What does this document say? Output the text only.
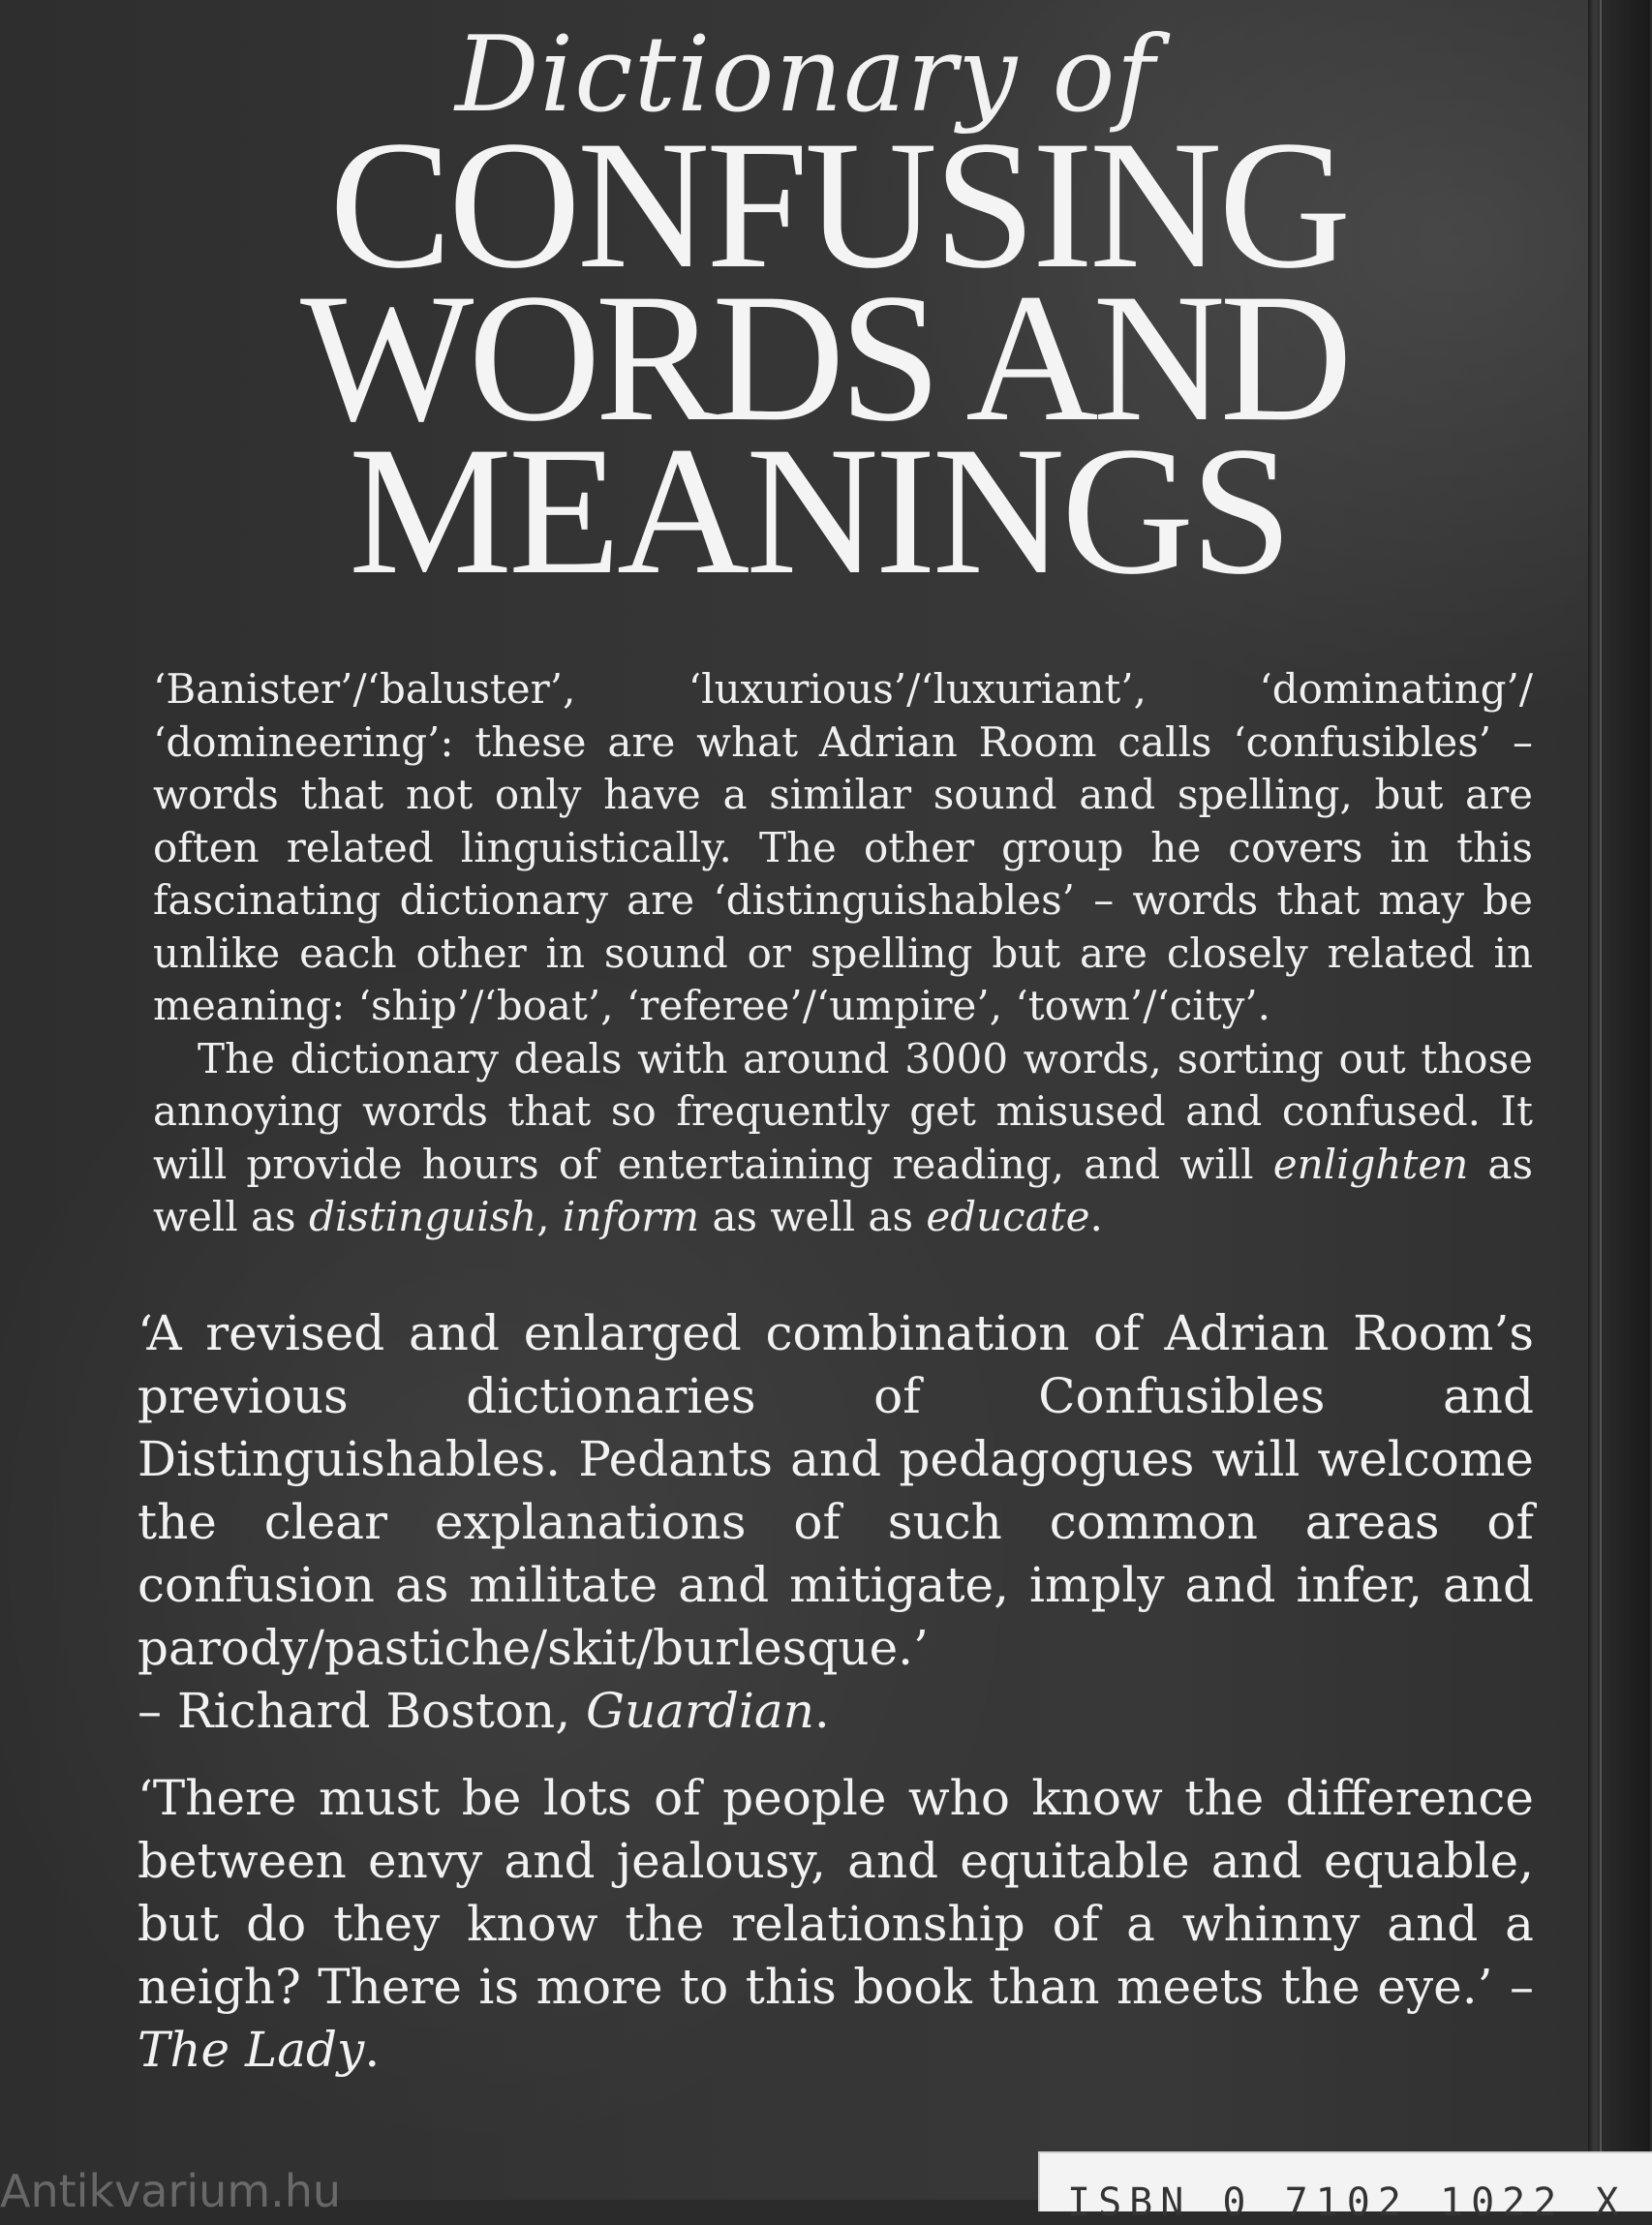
Dictionary of
CONFUSING
WORDS AND
MEANINGS

‘Banister’/‘baluster’, ‘luxurious’/‘luxuriant’, ‘dominating’/ ‘domineering’: these are what Adrian Room calls ‘confusibles’ – words that not only have a similar sound and spelling, but are often related linguistically. The other group he covers in this fascinating dictionary are ‘distinguishables’ – words that may be unlike each other in sound or spelling but are closely related in meaning: ‘ship’/‘boat’, ‘referee’/‘umpire’, ‘town’/‘city’.

The dictionary deals with around 3000 words, sorting out those annoying words that so frequently get misused and confused. It will provide hours of entertaining reading, and will enlighten as well as distinguish, inform as well as educate.

‘A revised and enlarged combination of Adrian Room’s previous dictionaries of Confusibles and Distinguishables. Pedants and pedagogues will welcome the clear explanations of such common areas of confusion as militate and mitigate, imply and infer, and parody/pastiche/skit/burlesque.’
– Richard Boston, Guardian.
‘There must be lots of people who know the difference between envy and jealousy, and equitable and equable, but do they know the relationship of a whinny and a neigh? There is more to this book than meets the eye.’ – The Lady.
Antikvarium.hu	ISBN 0 7102 1022 X
